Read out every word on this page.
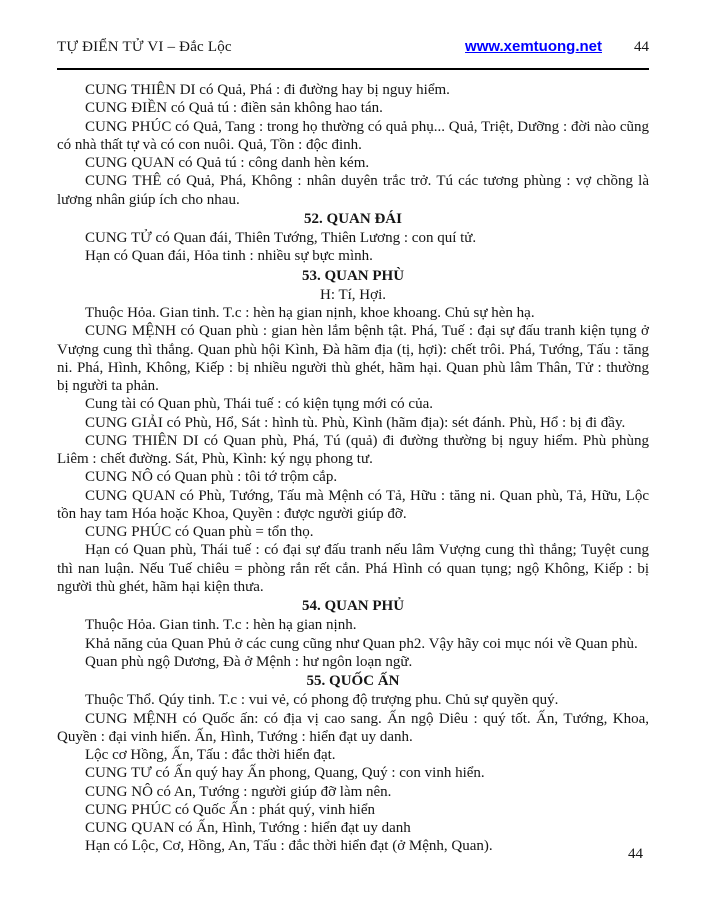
TỰ ĐIỂN TỬ VI – Đắc Lộc	www.xemtuong.net 44
CUNG THIÊN DI có Quả, Phá : đi đường hay bị nguy hiểm.
CUNG ĐIỀN có Quả tú : điền sản không hao tán.
CUNG PHÚC có Quả, Tang : trong họ thường có quả phụ... Quả, Triệt, Dưỡng : đời nào cũng có nhà thất tự và có con nuôi. Quả, Tồn : độc đinh.
CUNG QUAN có Quả tú : công danh hèn kém.
CUNG THÊ có Quả, Phá, Không : nhân duyên trắc trở. Tú các tương phùng : vợ chồng là lương nhân giúp ích cho nhau.
52. QUAN ĐÁI
CUNG TỬ có Quan đái, Thiên Tướng, Thiên Lương : con quí tử.
Hạn có Quan đái, Hỏa tinh : nhiều sự bực mình.
53. QUAN PHÙ
H: Tí, Hợi.
Thuộc Hỏa. Gian tinh. T.c : hèn hạ gian nịnh, khoe khoang. Chủ sự hèn hạ.
CUNG MỆNH có Quan phù : gian hèn lắm bệnh tật. Phá, Tuế : đại sự đấu tranh kiện tụng ở Vượng cung thì thắng. Quan phù hội Kình, Đà hãm địa (tị, hợi): chết trôi. Phá, Tướng, Tấu : tăng ni. Phá, Hình, Không, Kiếp : bị nhiều người thù ghét, hãm hại. Quan phù lâm Thân, Tử : thường bị người ta phản.
Cung tài có Quan phù, Thái tuế : có kiện tụng mới có của.
CUNG GIẢI có Phù, Hổ, Sát : hình tù. Phù, Kình (hãm địa): sét đánh. Phù, Hổ : bị đi đầy.
CUNG THIÊN DI có Quan phù, Phá, Tú (quả) đi đường thường bị nguy hiểm. Phù phùng Liêm : chết đường. Sát, Phù, Kình: ký ngụ phong tư.
CUNG NÔ có Quan phù : tôi tớ trộm cắp.
CUNG QUAN có Phù, Tướng, Tấu mà Mệnh có Tả, Hữu : tăng ni. Quan phù, Tả, Hữu, Lộc tồn hay tam Hóa hoặc Khoa, Quyền : được người giúp đỡ.
CUNG PHÚC có Quan phù = tổn thọ.
Hạn có Quan phù, Thái tuế : có đại sự đấu tranh nếu lâm Vượng cung thì thắng; Tuyệt cung thì nan luận. Nếu Tuế chiêu = phòng rắn rết cắn. Phá Hình có quan tụng; ngộ Không, Kiếp : bị người thù ghét, hãm hại kiện thưa.
54. QUAN PHỦ
Thuộc Hỏa. Gian tinh. T.c : hèn hạ gian nịnh.
Khả năng của Quan Phủ ở các cung cũng như Quan ph2. Vậy hãy coi mục nói về Quan phù.
Quan phù ngộ Dương, Đà ở Mệnh : hư ngôn loạn ngữ.
55. QUỐC ẤN
Thuộc Thổ. Qúy tinh. T.c : vui vẻ, có phong độ trượng phu. Chủ sự quyền quý.
CUNG MỆNH có Quốc ấn: có địa vị cao sang. Ấn ngộ Diêu : quý tốt. Ấn, Tướng, Khoa, Quyền : đại vinh hiển. Ấn, Hình, Tướng : hiển đạt uy danh.
Lộc cơ Hồng, Ấn, Tấu : đắc thời hiển đạt.
CUNG TƯ có Ấn quý hay Ấn phong, Quang, Quý : con vinh hiển.
CUNG NÔ có An, Tướng : người giúp đỡ làm nên.
CUNG PHÚC có Quốc Ấn : phát quý, vinh hiển
CUNG QUAN có Ấn, Hình, Tướng : hiển đạt uy danh
Hạn có Lộc, Cơ, Hồng, An, Tấu : đắc thời hiển đạt (ở Mệnh, Quan).	44
